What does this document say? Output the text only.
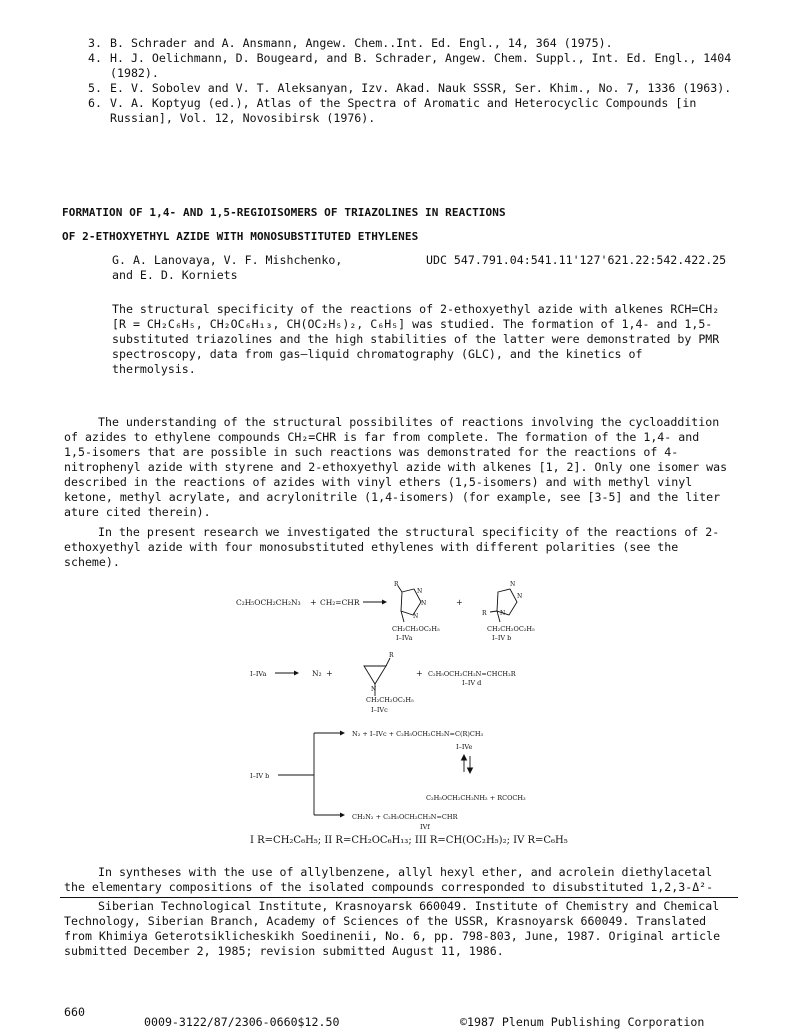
3. B. Schrader and A. Ansmann, Angew. Chem..Int. Ed. Engl., 14, 364 (1975).
4. H. J. Oelichmann, D. Bougeard, and B. Schrader, Angew. Chem. Suppl., Int. Ed. Engl., 1404 (1982).
5. E. V. Sobolev and V. T. Aleksanyan, Izv. Akad. Nauk SSSR, Ser. Khim., No. 7, 1336 (1963).
6. V. A. Koptyug (ed.), Atlas of the Spectra of Aromatic and Heterocyclic Compounds [in Russian], Vol. 12, Novosibirsk (1976).
FORMATION OF 1,4- AND 1,5-REGIOISOMERS OF TRIAZOLINES IN REACTIONS
OF 2-ETHOXYETHYL AZIDE WITH MONOSUBSTITUTED ETHYLENES
G. A. Lanovaya, V. F. Mishchenko,
and E. D. Korniets
UDC 547.791.04:541.11'127'621.22:542.422.25
The structural specificity of the reactions of 2-ethoxyethyl azide with alkenes RCH=CH₂ [R = CH₂C₆H₅, CH₂OC₆H₁₃, CH(OC₂H₅)₂, C₆H₅] was studied. The formation of 1,4- and 1,5-substituted triazolines and the high stabilities of the latter were demonstrated by PMR spectroscopy, data from gas–liquid chromatography (GLC), and the kinetics of thermolysis.
The understanding of the structural possibilites of reactions involving the cycloaddition of azides to ethylene compounds CH₂=CHR is far from complete. The formation of the 1,4- and 1,5-isomers that are possible in such reactions was demonstrated for the reactions of 4-nitrophenyl azide with styrene and 2-ethoxyethyl azide with alkenes [1, 2]. Only one isomer was described in the reactions of azides with vinyl ethers (1,5-isomers) and with methyl vinyl ketone, methyl acrylate, and acrylonitrile (1,4-isomers) (for example, see [3-5] and the liter ature cited therein).
In the present research we investigated the structural specificity of the reactions of 2-ethoxyethyl azide with four monosubstituted ethylenes with different polarities (see the scheme).
C₂H₅OCH₂CH₂N₃ + CH₂=CHR
R
N
N
N
CH₂CH₂OC₂H₅
I–IVa
+
N
N
N
R
CH₂CH₂OC₂H₅
I–IV b
I–IVa	N₂ +
R
N
CH₂CH₂OC₂H₅
I–IVc
+ C₂H₅OCH₂CH₂N=CHCH₂R
I–IV d
I–IV b
N₂ + I–IVc + C₂H₅OCH₂CH₂N=C(R)CH₃
I–IVe
C₂H₅OCH₂CH₂NH₂ + RCOCH₃
CH₂N₂ + C₂H₅OCH₂CH₂N=CHR
IVf
I R=CH₂C₆H₅; II R=CH₂OC₆H₁₃; III R=CH(OC₂H₅)₂; IV R=C₆H₅
In syntheses with the use of allylbenzene, allyl hexyl ether, and acrolein diethylacetal the elementary compositions of the isolated compounds corresponded to disubstituted 1,2,3-Δ²-
Siberian Technological Institute, Krasnoyarsk 660049. Institute of Chemistry and Chemical Technology, Siberian Branch, Academy of Sciences of the USSR, Krasnoyarsk 660049. Translated from Khimiya Geterotsiklicheskikh Soedinenii, No. 6, pp. 798-803, June, 1987. Original article submitted December 2, 1985; revision submitted August 11, 1986.
660
0009-3122/87/2306-0660$12.50	©1987 Plenum Publishing Corporation
